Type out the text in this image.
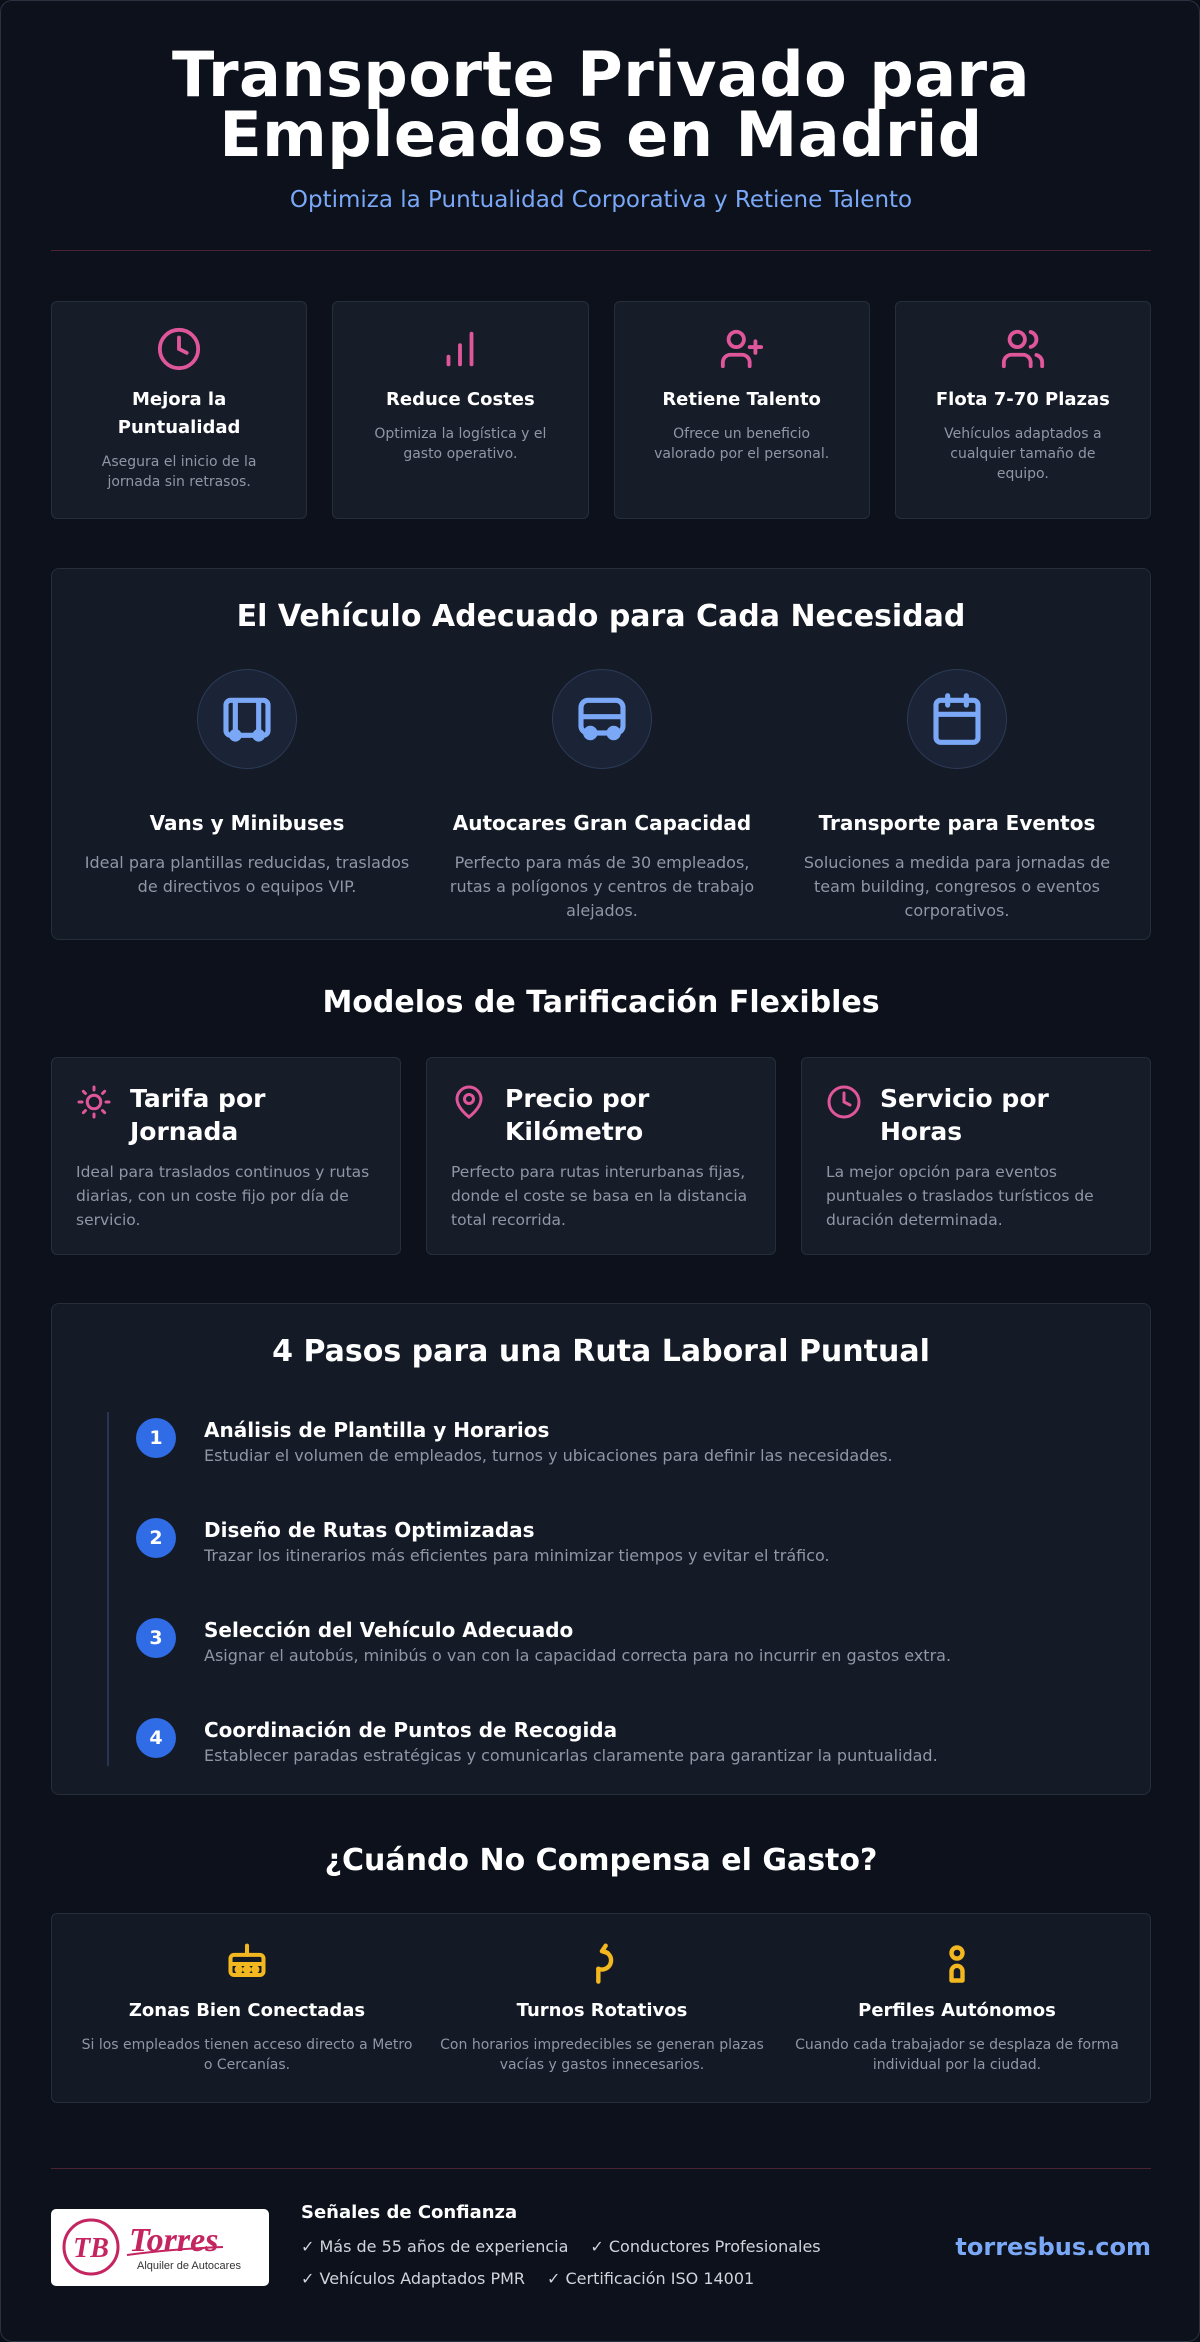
Transporte Privado para
Empleados en Madrid
Optimiza la Puntualidad Corporativa y Retiene Talento
Mejora la Puntualidad
Asegura el inicio de la jornada sin retrasos.
Reduce Costes
Optimiza la logística y el gasto operativo.
Retiene Talento
Ofrece un beneficio valorado por el personal.
Flota 7-70 Plazas
Vehículos adaptados a cualquier tamaño de equipo.
El Vehículo Adecuado para Cada Necesidad
Vans y Minibuses
Ideal para plantillas reducidas, traslados de directivos o equipos VIP.
Autocares Gran Capacidad
Perfecto para más de 30 empleados, rutas a polígonos y centros de trabajo alejados.
Transporte para Eventos
Soluciones a medida para jornadas de team building, congresos o eventos corporativos.
Modelos de Tarificación Flexibles
Tarifa por Jornada
Ideal para traslados continuos y rutas diarias, con un coste fijo por día de servicio.
Precio por Kilómetro
Perfecto para rutas interurbanas fijas, donde el coste se basa en la distancia total recorrida.
Servicio por Horas
La mejor opción para eventos puntuales o traslados turísticos de duración determinada.
4 Pasos para una Ruta Laboral Puntual
1	Análisis de Plantilla y Horarios
Estudiar el volumen de empleados, turnos y ubicaciones para definir las necesidades.
2	Diseño de Rutas Optimizadas
Trazar los itinerarios más eficientes para minimizar tiempos y evitar el tráfico.
3	Selección del Vehículo Adecuado
Asignar el autobús, minibús o van con la capacidad correcta para no incurrir en gastos extra.
4	Coordinación de Puntos de Recogida
Establecer paradas estratégicas y comunicarlas claramente para garantizar la puntualidad.
¿Cuándo No Compensa el Gasto?
Zonas Bien Conectadas
Si los empleados tienen acceso directo a Metro o Cercanías.
Turnos Rotativos
Con horarios impredecibles se generan plazas vacías y gastos innecesarios.
Perfiles Autónomos
Cuando cada trabajador se desplaza de forma individual por la ciudad.
TB Torres
Alquiler de Autocares
Señales de Confianza
✓ Más de 55 años de experiencia ✓ Conductores Profesionales
✓ Vehículos Adaptados PMR ✓ Certificación ISO 14001
torresbus.com
